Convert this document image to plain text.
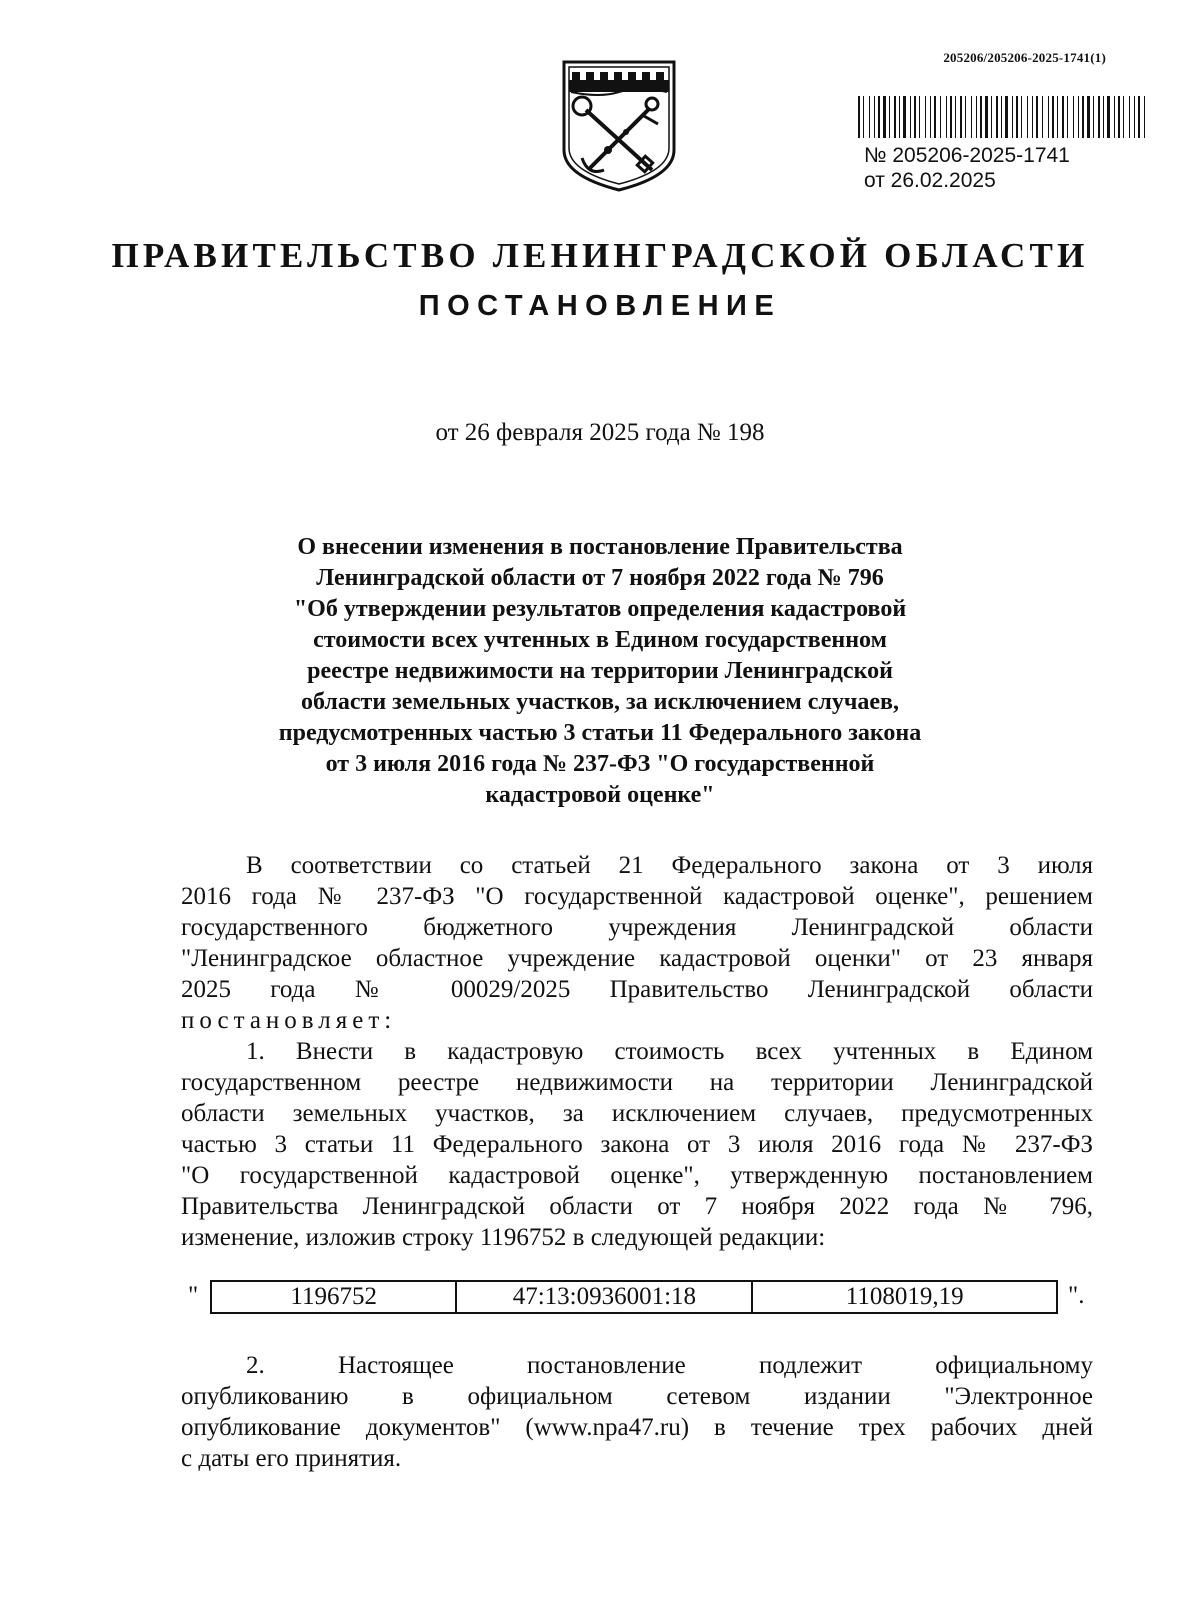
205206/205206-2025-1741(1)
№ 205206-2025-1741
от 26.02.2025
ПРАВИТЕЛЬСТВО ЛЕНИНГРАДСКОЙ ОБЛАСТИ
ПОСТАНОВЛЕНИЕ
от 26 февраля 2025 года № 198
О внесении изменения в постановление Правительства
Ленинградской области от 7 ноября 2022 года № 796
"Об утверждении результатов определения кадастровой
стоимости всех учтенных в Едином государственном
реестре недвижимости на территории Ленинградской
области земельных участков, за исключением случаев,
предусмотренных частью 3 статьи 11 Федерального закона
от 3 июля 2016 года № 237-ФЗ "О государственной
кадастровой оценке"
В соответствии со статьей 21 Федерального закона от 3 июля
2016 года № 237-ФЗ "О государственной кадастровой оценке", решением
государственного бюджетного учреждения Ленинградской области
"Ленинградское областное учреждение кадастровой оценки" от 23 января
2025 года № 00029/2025 Правительство Ленинградской области
постановляет:
1. Внести в кадастровую стоимость всех учтенных в Едином
государственном реестре недвижимости на территории Ленинградской
области земельных участков, за исключением случаев, предусмотренных
частью 3 статьи 11 Федерального закона от 3 июля 2016 года № 237-ФЗ
"О государственной кадастровой оценке", утвержденную постановлением
Правительства Ленинградской области от 7 ноября 2022 года № 796,
изменение, изложив строку 1196752 в следующей редакции:
"	1196752	47:13:0936001:18	1108019,19	".
2. Настоящее постановление подлежит официальному
опубликованию в официальном сетевом издании "Электронное
опубликование документов" (www.npa47.ru) в течение трех рабочих дней
с даты его принятия.
